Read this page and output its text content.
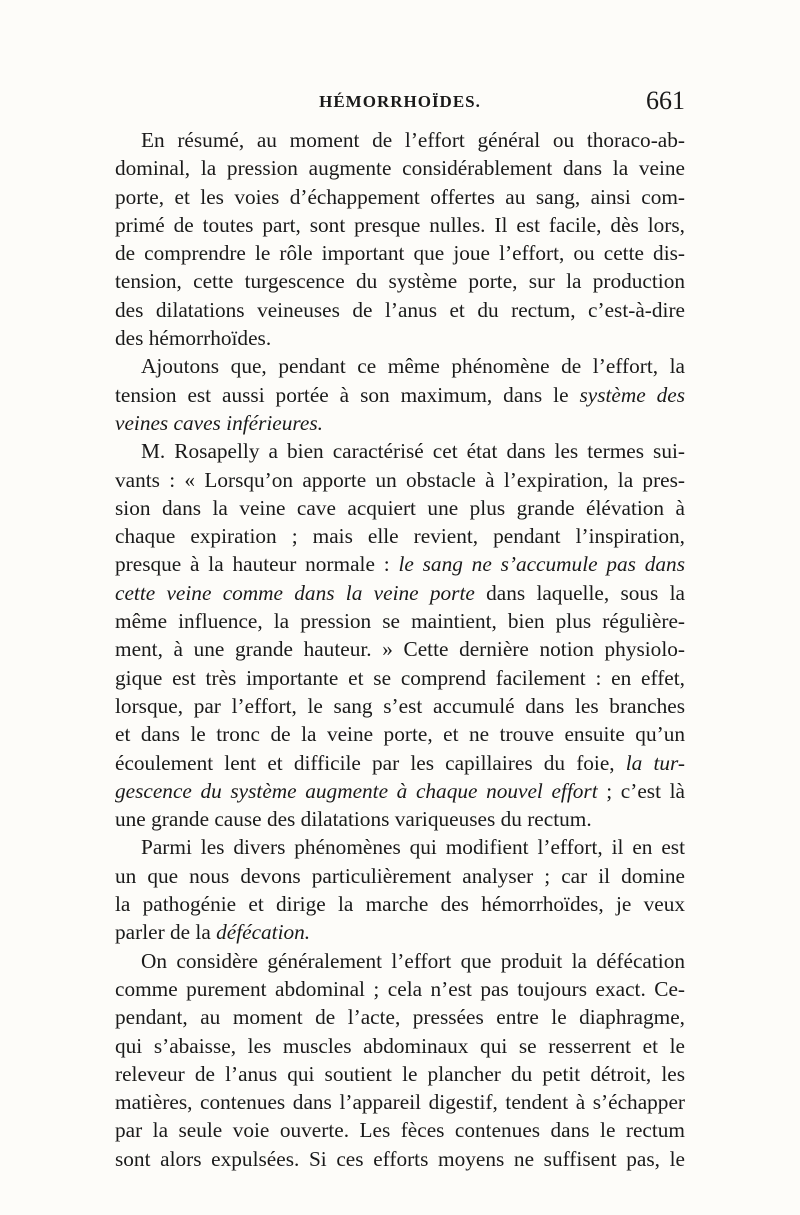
HÉMORRHOÏDES.	661
En résumé, au moment de l’effort général ou thoraco-ab-
dominal, la pression augmente considérablement dans la veine
porte, et les voies d’échappement offertes au sang, ainsi com-
primé de toutes part, sont presque nulles. Il est facile, dès lors,
de comprendre le rôle important que joue l’effort, ou cette dis-
tension, cette turgescence du système porte, sur la production
des dilatations veineuses de l’anus et du rectum, c’est-à-dire
des hémorrhoïdes.
Ajoutons que, pendant ce même phénomène de l’effort, la
tension est aussi portée à son maximum, dans le système des
veines caves inférieures.
M. Rosapelly a bien caractérisé cet état dans les termes sui-
vants : « Lorsqu’on apporte un obstacle à l’expiration, la pres-
sion dans la veine cave acquiert une plus grande élévation à
chaque expiration ; mais elle revient, pendant l’inspiration,
presque à la hauteur normale : le sang ne s’accumule pas dans
cette veine comme dans la veine porte dans laquelle, sous la
même influence, la pression se maintient, bien plus régulière-
ment, à une grande hauteur. » Cette dernière notion physiolo-
gique est très importante et se comprend facilement : en effet,
lorsque, par l’effort, le sang s’est accumulé dans les branches
et dans le tronc de la veine porte, et ne trouve ensuite qu’un
écoulement lent et difficile par les capillaires du foie, la tur-
gescence du système augmente à chaque nouvel effort ; c’est là
une grande cause des dilatations variqueuses du rectum.
Parmi les divers phénomènes qui modifient l’effort, il en est
un que nous devons particulièrement analyser ; car il domine
la pathogénie et dirige la marche des hémorrhoïdes, je veux
parler de la défécation.
On considère généralement l’effort que produit la défécation
comme purement abdominal ; cela n’est pas toujours exact. Ce-
pendant, au moment de l’acte, pressées entre le diaphragme,
qui s’abaisse, les muscles abdominaux qui se resserrent et le
releveur de l’anus qui soutient le plancher du petit détroit, les
matières, contenues dans l’appareil digestif, tendent à s’échapper
par la seule voie ouverte. Les fèces contenues dans le rectum
sont alors expulsées. Si ces efforts moyens ne suffisent pas, le
